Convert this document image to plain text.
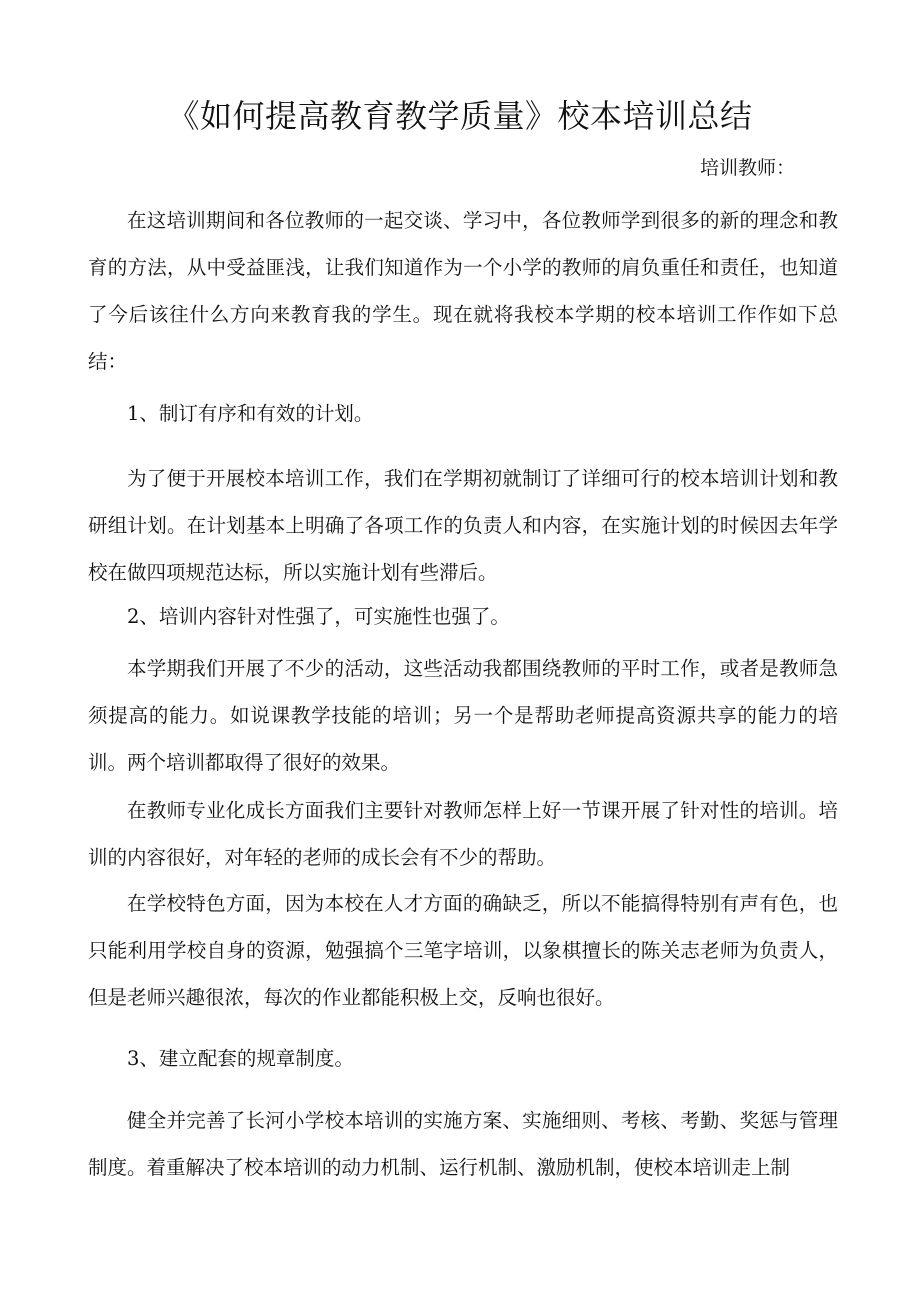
《如何提高教育教学质量》校本培训总结
培训教师：

在这培训期间和各位教师的一起交谈、学习中，各位教师学到很多的新的理念和教育的方法，从中受益匪浅，让我们知道作为一个小学的教师的肩负重任和责任，也知道了今后该往什么方向来教育我的学生。现在就将我校本学期的校本培训工作作如下总结：

1、制订有序和有效的计划。

为了便于开展校本培训工作，我们在学期初就制订了详细可行的校本培训计划和教研组计划。在计划基本上明确了各项工作的负责人和内容，在实施计划的时候因去年学校在做四项规范达标，所以实施计划有些滞后。

2、培训内容针对性强了，可实施性也强了。

本学期我们开展了不少的活动，这些活动我都围绕教师的平时工作，或者是教师急须提高的能力。如说课教学技能的培训；另一个是帮助老师提高资源共享的能力的培训。两个培训都取得了很好的效果。

在教师专业化成长方面我们主要针对教师怎样上好一节课开展了针对性的培训。培训的内容很好，对年轻的老师的成长会有不少的帮助。

在学校特色方面，因为本校在人才方面的确缺乏，所以不能搞得特别有声有色，也只能利用学校自身的资源，勉强搞个三笔字培训，以象棋擅长的陈关志老师为负责人，但是老师兴趣很浓，每次的作业都能积极上交，反响也很好。

3、建立配套的规章制度。

健全并完善了长河小学校本培训的实施方案、实施细则、考核、考勤、奖惩与管理制度。着重解决了校本培训的动力机制、运行机制、激励机制，使校本培训走上制
